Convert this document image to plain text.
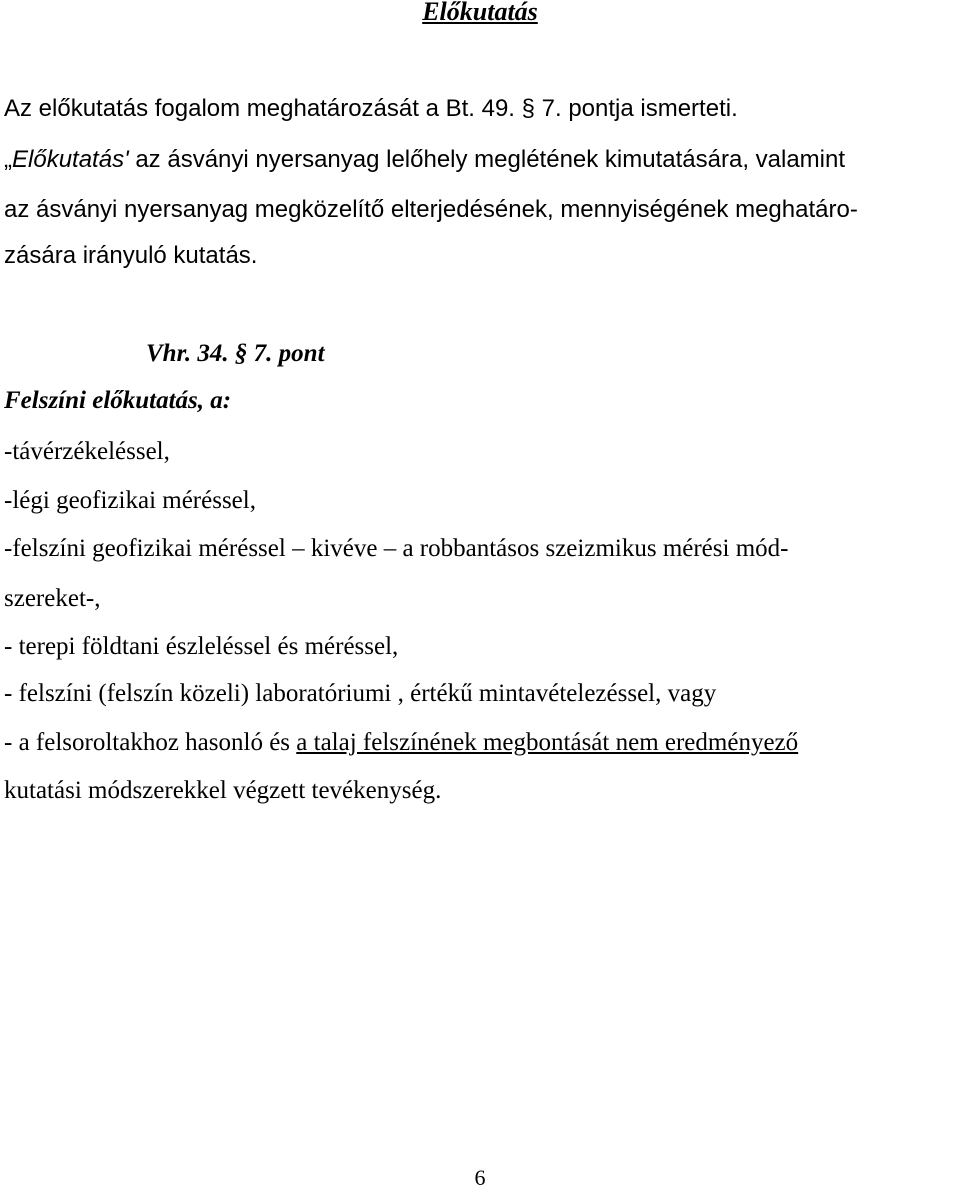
Előkutatás
Az előkutatás fogalom meghatározását a Bt. 49. § 7. pontja ismerteti.
„Előkutatás' az ásványi nyersanyag lelőhely meglétének kimutatására, valamint
az ásványi nyersanyag megközelítő elterjedésének, mennyiségének meghatáro-
zására irányuló kutatás.
Vhr. 34. § 7. pont
Felszíni előkutatás, a:
-távérzékeléssel,
-légi geofizikai méréssel,
-felszíni geofizikai méréssel – kivéve – a robbantásos szeizmikus mérési mód-
szereket-,
- terepi földtani észleléssel és méréssel,
- felszíni (felszín közeli) laboratóriumi , értékű mintavételezéssel, vagy
- a felsoroltakhoz hasonló és a talaj felszínének megbontását nem eredményező
kutatási módszerekkel végzett tevékenység.
6
